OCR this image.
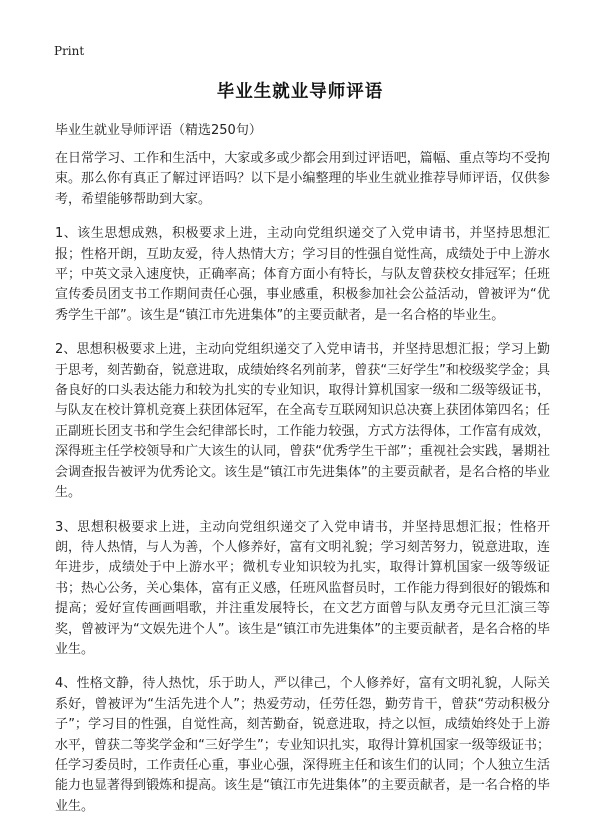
Print
毕业生就业导师评语
毕业生就业导师评语（精选250句）

在日常学习、工作和生活中，大家或多或少都会用到过评语吧，篇幅、重点等均不受拘束。那么你有真正了解过评语吗？以下是小编整理的毕业生就业推荐导师评语，仅供参考，希望能够帮助到大家。

1、该生思想成熟，积极要求上进，主动向党组织递交了入党申请书，并坚持思想汇报；性格开朗，互助友爱，待人热情大方；学习目的性强自觉性高，成绩处于中上游水平；中英文录入速度快，正确率高；体育方面小有特长，与队友曾获校女排冠军；任班宣传委员团支书工作期间责任心强，事业感重，积极参加社会公益活动，曾被评为“优秀学生干部”。该生是“镇江市先进集体”的主要贡献者，是一名合格的毕业生。

2、思想积极要求上进，主动向党组织递交了入党申请书，并坚持思想汇报；学习上勤于思考，刻苦勤奋，锐意进取，成绩始终名列前茅，曾获“三好学生”和校级奖学金；具备良好的口头表达能力和较为扎实的专业知识，取得计算机国家一级和二级等级证书，与队友在校计算机竞赛上获团体冠军，在全高专互联网知识总决赛上获团体第四名；任正副班长团支书和学生会纪律部长时，工作能力较强，方式方法得体，工作富有成效，深得班主任学校领导和广大该生的认同，曾获“优秀学生干部”；重视社会实践，暑期社会调查报告被评为优秀论文。该生是“镇江市先进集体”的主要贡献者，是名合格的毕业生。

3、思想积极要求上进，主动向党组织递交了入党申请书，并坚持思想汇报；性格开朗，待人热情，与人为善，个人修养好，富有文明礼貌；学习刻苦努力，锐意进取，连年进步，成绩处于中上游水平；微机专业知识较为扎实，取得计算机国家一级等级证书；热心公务，关心集体，富有正义感，任班风监督员时，工作能力得到很好的锻炼和提高；爱好宣传画画唱歌，并注重发展特长，在文艺方面曾与队友勇夺元旦汇演三等奖，曾被评为“文娱先进个人”。该生是“镇江市先进集体”的主要贡献者，是名合格的毕业生。

4、性格文静，待人热忱，乐于助人，严以律己，个人修养好，富有文明礼貌，人际关系好，曾被评为“生活先进个人”；热爱劳动，任劳任怨，勤劳肯干，曾获“劳动积极分子”；学习目的性强，自觉性高，刻苦勤奋，锐意进取，持之以恒，成绩始终处于上游水平，曾获二等奖学金和“三好学生”；专业知识扎实，取得计算机国家一级等级证书；任学习委员时，工作责任心重，事业心强，深得班主任和该生们的认同；个人独立生活能力也显著得到锻炼和提高。该生是“镇江市先进集体”的主要贡献者，是一名合格的毕业生。
